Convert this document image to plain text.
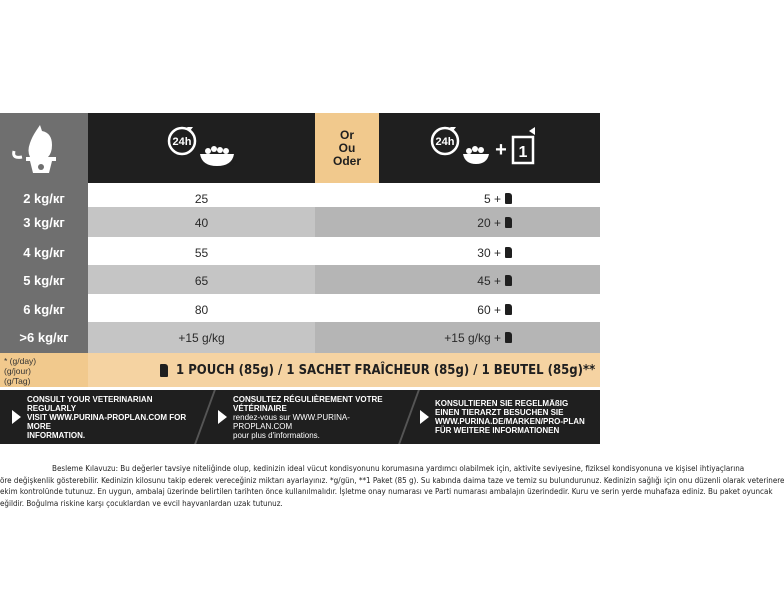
24h
g*
Or
Ou
Oder
24h + 1
2 kg/кг	25	5 +
3 kg/кг	40	20 +
4 kg/кг	55	30 +
5 kg/кг	65	45 +
6 kg/кг	80	60 +
>6 kg/кг	+15 g/kg	+15 g/kg +
* (g/day)
(g/jour)
(g/Tag)
1 POUCH (85g) / 1 SACHET FRAÎCHEUR (85g) / 1 BEUTEL (85g)**
CONSULT YOUR VETERINARIAN REGULARLY
VISIT WWW.PURINA-PROPLAN.COM FOR MORE
INFORMATION.
CONSULTEZ RÉGULIÈREMENT VOTRE VÉTÉRINAIRE
rendez-vous sur WWW.PURINA-PROPLAN.COM
pour plus d'informations.
KONSULTIEREN SIE REGELMÄßIG
EINEN TIERARZT BESUCHEN SIE
WWW.PURINA.DE/MARKEN/PRO-PLAN
FÜR WEITERE INFORMATIONEN
Besleme Kılavuzu: Bu değerler tavsiye niteliğinde olup, kedinizin ideal vücut kondisyonunu korumasına yardımcı olabilmek için, aktivite seviyesine, fiziksel kondisyonuna ve kişisel ihtiyaçlarına
öre değişkenlik gösterebilir. Kedinizin kilosunu takip ederek vereceğiniz miktarı ayarlayınız. *g/gün, **1 Paket (85 g). Su kabında daima taze ve temiz su bulundurunuz. Kedinizin sağlığı için onu düzenli olarak veterinere
ekim kontrolünde tutunuz. En uygun, ambalaj üzerinde belirtilen tarihten önce kullanılmalıdır. İşletme onay numarası ve Parti numarası ambalajın üzerindedir. Kuru ve serin yerde muhafaza ediniz. Bu paket oyuncak
eğildir. Boğulma riskine karşı çocuklardan ve evcil hayvanlardan uzak tutunuz.
